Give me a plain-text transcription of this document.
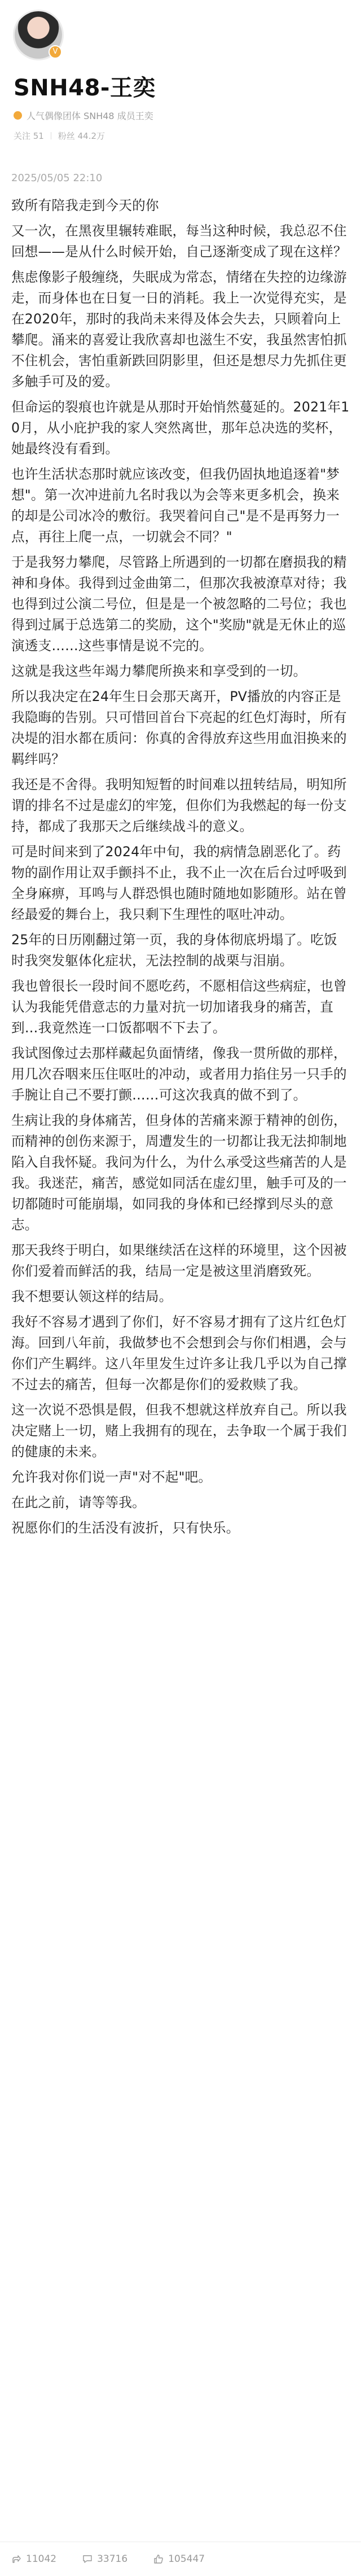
V
SNH48-王奕
人气偶像团体 SNH48 成员王奕
关注 51 粉丝 44.2万
2025/05/05 22:10

致所有陪我走到今天的你

又一次，在黑夜里辗转难眠，每当这种时候，我总忍不住回想——是从什么时候开始，自己逐渐变成了现在这样？

焦虑像影子般缠绕，失眠成为常态，情绪在失控的边缘游走，而身体也在日复一日的消耗。我上一次觉得充实，是在2020年，那时的我尚未来得及体会失去，只顾着向上攀爬。涌来的喜爱让我欣喜却也滋生不安，我虽然害怕抓不住机会，害怕重新跌回阴影里，但还是想尽力先抓住更多触手可及的爱。

但命运的裂痕也许就是从那时开始悄然蔓延的。2021年10月，从小庇护我的家人突然离世，那年总决选的奖杯，她最终没有看到。

也许生活状态那时就应该改变，但我仍固执地追逐着"梦想"。第一次冲进前九名时我以为会等来更多机会，换来的却是公司冰冷的敷衍。我哭着问自己"是不是再努力一点，再往上爬一点，一切就会不同？"

于是我努力攀爬，尽管路上所遇到的一切都在磨损我的精神和身体。我得到过金曲第二，但那次我被潦草对待；我也得到过公演二号位，但是是一个被忽略的二号位；我也得到过属于总选第二的奖励，这个"奖励"就是无休止的巡演透支……这些事情是说不完的。

这就是我这些年竭力攀爬所换来和享受到的一切。

所以我决定在24年生日会那天离开，PV播放的内容正是我隐晦的告别。只可惜回首台下亮起的红色灯海时，所有决堤的泪水都在质问：你真的舍得放弃这些用血泪换来的羁绊吗？

我还是不舍得。我明知短暂的时间难以扭转结局，明知所谓的排名不过是虚幻的牢笼，但你们为我燃起的每一份支持，都成了我那天之后继续战斗的意义。

可是时间来到了2024年中旬，我的病情急剧恶化了。药物的副作用让双手颤抖不止，我不止一次在后台过呼吸到全身麻痹，耳鸣与人群恐惧也随时随地如影随形。站在曾经最爱的舞台上，我只剩下生理性的呕吐冲动。

25年的日历刚翻过第一页，我的身体彻底坍塌了。吃饭时我突发躯体化症状，无法控制的战栗与泪崩。

我也曾很长一段时间不愿吃药，不愿相信这些病症，也曾认为我能凭借意志的力量对抗一切加诸我身的痛苦，直到…我竟然连一口饭都咽不下去了。

我试图像过去那样藏起负面情绪，像我一贯所做的那样，用几次吞咽来压住呕吐的冲动，或者用力掐住另一只手的手腕让自己不要打颤……可这次我真的做不到了。

生病让我的身体痛苦，但身体的苦痛来源于精神的创伤，而精神的创伤来源于，周遭发生的一切都让我无法抑制地陷入自我怀疑。我问为什么，为什么承受这些痛苦的人是我。我迷茫，痛苦，感觉如同活在虚幻里，触手可及的一切都随时可能崩塌，如同我的身体和已经撑到尽头的意志。

那天我终于明白，如果继续活在这样的环境里，这个因被你们爱着而鲜活的我，结局一定是被这里消磨致死。

我不想要认领这样的结局。

我好不容易才遇到了你们，好不容易才拥有了这片红色灯海。回到八年前，我做梦也不会想到会与你们相遇，会与你们产生羁绊。这八年里发生过许多让我几乎以为自己撑不过去的痛苦，但每一次都是你们的爱救赎了我。

这一次说不恐惧是假，但我不想就这样放弃自己。所以我决定赌上一切，赌上我拥有的现在，去争取一个属于我们的健康的未来。

允许我对你们说一声"对不起"吧。

在此之前，请等等我。

祝愿你们的生活没有波折，只有快乐。

11042	33716	105447
